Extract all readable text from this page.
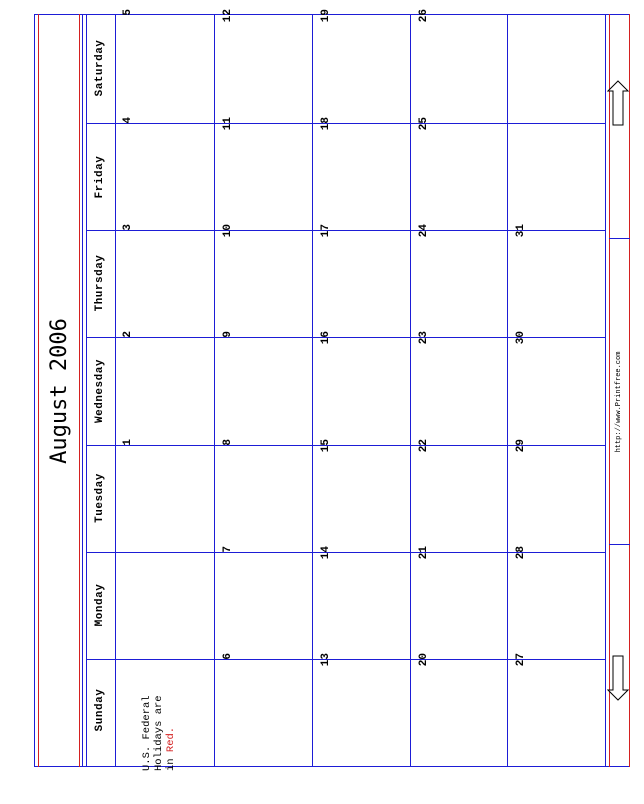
August 2006
Sunday
Monday
Tuesday
Wednesday
Thursday
Friday
Saturday
1
2
3
4
5
6
7
8
9
10
11
12
13
14
15
16
17
18
19
20
21
22
23
24
25
26
27
28
29
30
31
U.S. Federal Holidays are in Red.
http://www.Printfree.com
